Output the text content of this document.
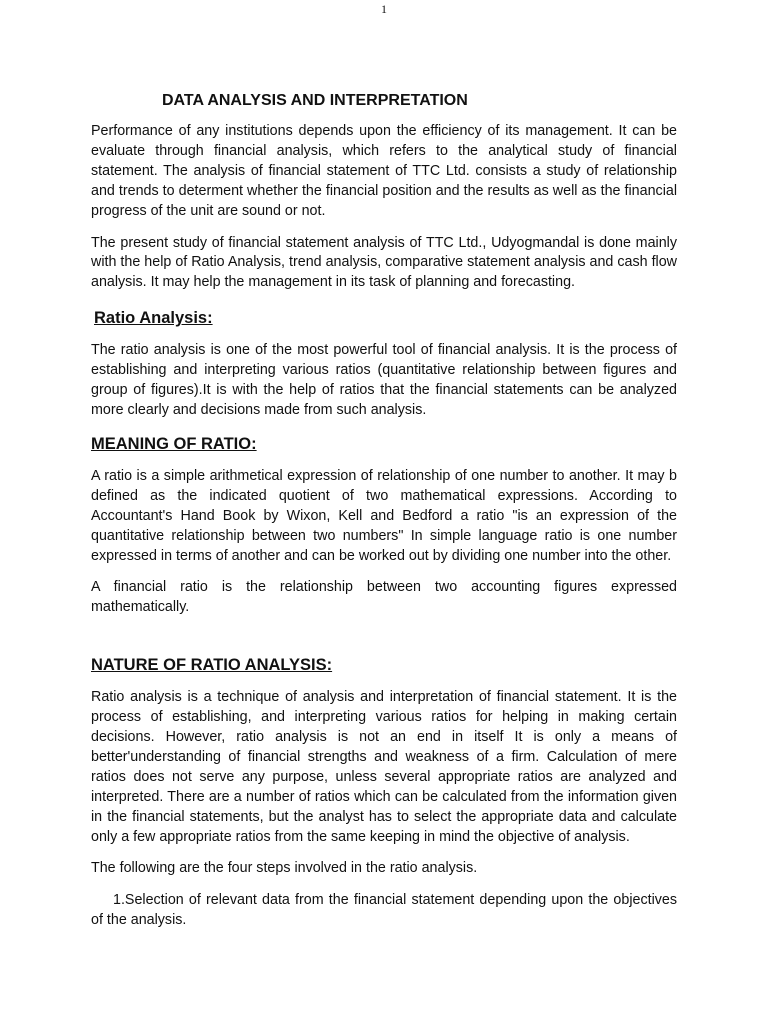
1
DATA ANALYSIS AND INTERPRETATION

Performance of any institutions depends upon the efficiency of its management. It can be evaluate through financial analysis, which refers to the analytical study of financial statement. The analysis of financial statement of TTC Ltd. consists a study of relationship and trends to determent whether the financial position and the results as well as the financial progress of the unit are sound or not.

The present study of financial statement analysis of TTC Ltd., Udyogmandal is done mainly with the help of Ratio Analysis, trend analysis, comparative statement analysis and cash flow analysis. It may help the management in its task of planning and forecasting.

Ratio Analysis:

The ratio analysis is one of the most powerful tool of financial analysis. It is the process of establishing and interpreting various ratios (quantitative relationship between figures and group of figures).It is with the help of ratios that the financial statements can be analyzed more clearly and decisions made from such analysis.

MEANING OF RATIO:

A ratio is a simple arithmetical expression of relationship of one number to another. It may b defined as the indicated quotient of two mathematical expressions. According to Accountant's Hand Book by Wixon, Kell and Bedford a ratio "is an expression of the quantitative relationship between two numbers" In simple language ratio is one number expressed in terms of another and can be worked out by dividing one number into the other.

A financial ratio is the relationship between two accounting figures expressed mathematically.

NATURE OF RATIO ANALYSIS:

Ratio analysis is a technique of analysis and interpretation of financial statement. It is the process of establishing, and interpreting various ratios for helping in making certain decisions. However, ratio analysis is not an end in itself It is only a means of better'understanding of financial strengths and weakness of a firm. Calculation of mere ratios does not serve any purpose, unless several appropriate ratios are analyzed and interpreted. There are a number of ratios which can be calculated from the information given in the financial statements, but the analyst has to select the appropriate data and calculate only a few appropriate ratios from the same keeping in mind the objective of analysis.

The following are the four steps involved in the ratio analysis.

1.Selection of relevant data from the financial statement depending upon the objectives of the analysis.
